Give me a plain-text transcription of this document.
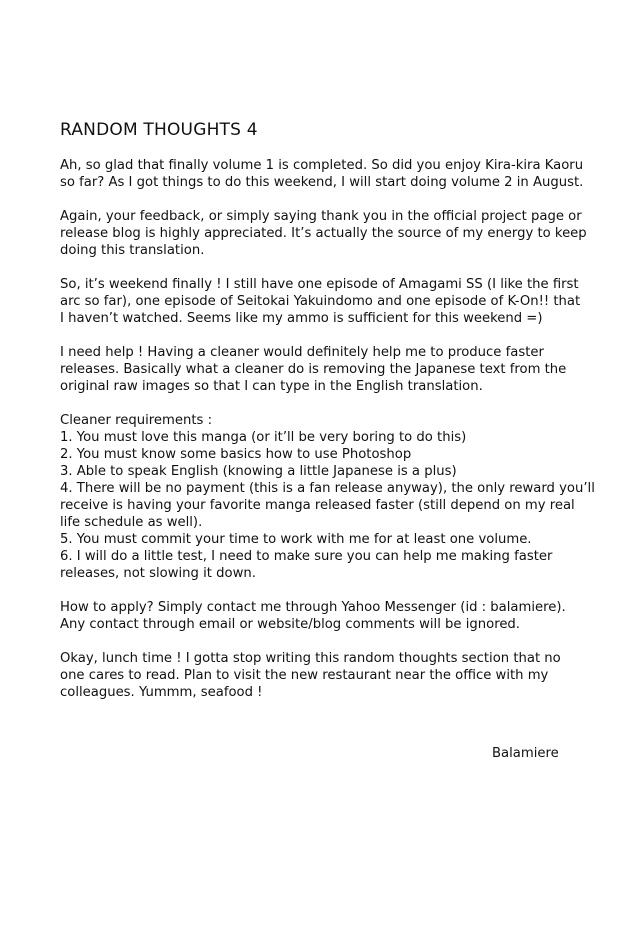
RANDOM THOUGHTS 4
Ah, so glad that finally volume 1 is completed. So did you enjoy Kira-kira Kaoru
so far? As I got things to do this weekend, I will start doing volume 2 in August.
Again, your feedback, or simply saying thank you in the official project page or
release blog is highly appreciated. It’s actually the source of my energy to keep
doing this translation.
So, it’s weekend finally ! I still have one episode of Amagami SS (I like the first
arc so far), one episode of Seitokai Yakuindomo and one episode of K-On!! that
I haven’t watched. Seems like my ammo is sufficient for this weekend =)
I need help ! Having a cleaner would definitely help me to produce faster
releases. Basically what a cleaner do is removing the Japanese text from the
original raw images so that I can type in the English translation.
Cleaner requirements :
1. You must love this manga (or it’ll be very boring to do this)
2. You must know some basics how to use Photoshop
3. Able to speak English (knowing a little Japanese is a plus)
4. There will be no payment (this is a fan release anyway), the only reward you’ll
receive is having your favorite manga released faster (still depend on my real
life schedule as well).
5. You must commit your time to work with me for at least one volume.
6. I will do a little test, I need to make sure you can help me making faster
releases, not slowing it down.
How to apply? Simply contact me through Yahoo Messenger (id : balamiere).
Any contact through email or website/blog comments will be ignored.
Okay, lunch time ! I gotta stop writing this random thoughts section that no
one cares to read. Plan to visit the new restaurant near the office with my
colleagues. Yummm, seafood !
Balamiere
